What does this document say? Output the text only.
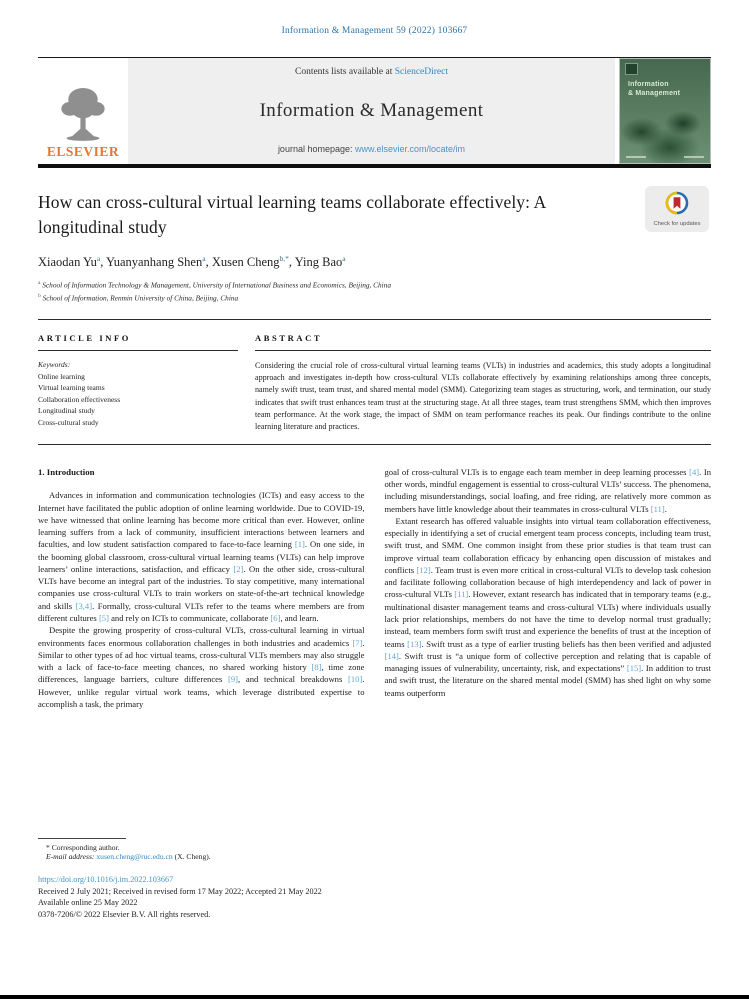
Information & Management 59 (2022) 103667
ELSEVIER
Contents lists available at ScienceDirect
Information & Management
journal homepage: www.elsevier.com/locate/im
Information
& Management
How can cross-cultural virtual learning teams collaborate effectively: A longitudinal study	Check for updates
Xiaodan Yu$^a$, Yuanyanhang Shen$^a$, Xusen Cheng$^{b,*}$, Ying Bao$^a$
$^a$ School of Information Technology & Management, University of International Business and Economics, Beijing, China
$^b$ School of Information, Renmin University of China, Beijing, China
ARTICLE INFO
Keywords:
Online learning
Virtual learning teams
Collaboration effectiveness
Longitudinal study
Cross-cultural study
ABSTRACT
Considering the crucial role of cross-cultural virtual learning teams (VLTs) in industries and academics, this study adopts a longitudinal approach and investigates in-depth how cross-cultural VLTs collaborate effectively by examining relationships among three concepts, namely swift trust, team trust, and shared mental model (SMM). Categorizing team stages as structuring, work, and termination, our study indicates that swift trust enhances team trust at the structuring stage. At all three stages, team trust strengthens SMM, which then improves team performance. At the work stage, the impact of SMM on team performance reaches its peak. Our findings contribute to the online learning literature and practices.
1. Introduction

Advances in information and communication technologies (ICTs) and easy access to the Internet have facilitated the public adoption of online learning worldwide. Due to COVID-19, we have witnessed that online learning has become more critical than ever. However, online learning suffers from a lack of community, insufficient interactions between learners and faculties, and low student satisfaction compared to face-to-face learning [1]. On one side, in the booming global classroom, cross-cultural virtual learning teams (VLTs) can help improve learners’ online interactions, satisfaction, and efficacy [2]. On the other side, cross-cultural VLTs have become an integral part of the industries. To stay competitive, many international companies use cross-cultural VLTs to train workers on state-of-the-art technical knowledge and skills [3,4]. Formally, cross-cultural VLTs refer to the teams where members are from different cultures [5] and rely on ICTs to communicate, collaborate [6], and learn.

Despite the growing prosperity of cross-cultural VLTs, cross-cultural learning in virtual environments faces enormous collaboration challenges in both industries and academics [7]. Similar to other types of ad hoc virtual teams, cross-cultural VLTs members may also struggle with a lack of face-to-face meeting chances, no shared working history [8], time zone differences, language barriers, culture differences [9], and technical breakdowns [10]. However, unlike regular virtual work teams, which leverage distributed expertise to accomplish a task, the primary

goal of cross-cultural VLTs is to engage each team member in deep learning processes [4]. In other words, mindful engagement is essential to cross-cultural VLTs’ success. The phenomena, including misunderstandings, social loafing, and free riding, are relatively more common as members have little knowledge about their teammates in cross-cultural VLTs [11].

Extant research has offered valuable insights into virtual team collaboration effectiveness, especially in identifying a set of crucial emergent team process concepts, including team trust, swift trust, and SMM. One common insight from these prior studies is that team trust can improve virtual team collaboration efficacy by enhancing open discussion of mistakes and conflicts [12]. Team trust is even more critical in cross-cultural VLTs to develop task cohesion and facilitate following collaboration because of high interdependency and lack of power in cross-cultural VLTs [11]. However, extant research has indicated that in temporary teams (e.g., multinational disaster management teams and cross-cultural VLTs) where individuals usually lack prior relationships, members do not have the time to develop normal trust gradually; instead, team members form swift trust and experience the benefits of trust at the inception of teams [13]. Swift trust as a type of earlier trusting beliefs has then been verified and adjusted [14]. Swift trust is “a unique form of collective perception and relating that is capable of managing issues of vulnerability, uncertainty, risk, and expectations” [15]. In addition to trust and swift trust, the literature on the shared mental model (SMM) has shed light on why some teams outperform

* Corresponding author.
E-mail address: xusen.cheng@ruc.edu.cn (X. Cheng).
https://doi.org/10.1016/j.im.2022.103667
Received 2 July 2021; Received in revised form 17 May 2022; Accepted 21 May 2022
Available online 25 May 2022
0378-7206/© 2022 Elsevier B.V. All rights reserved.
